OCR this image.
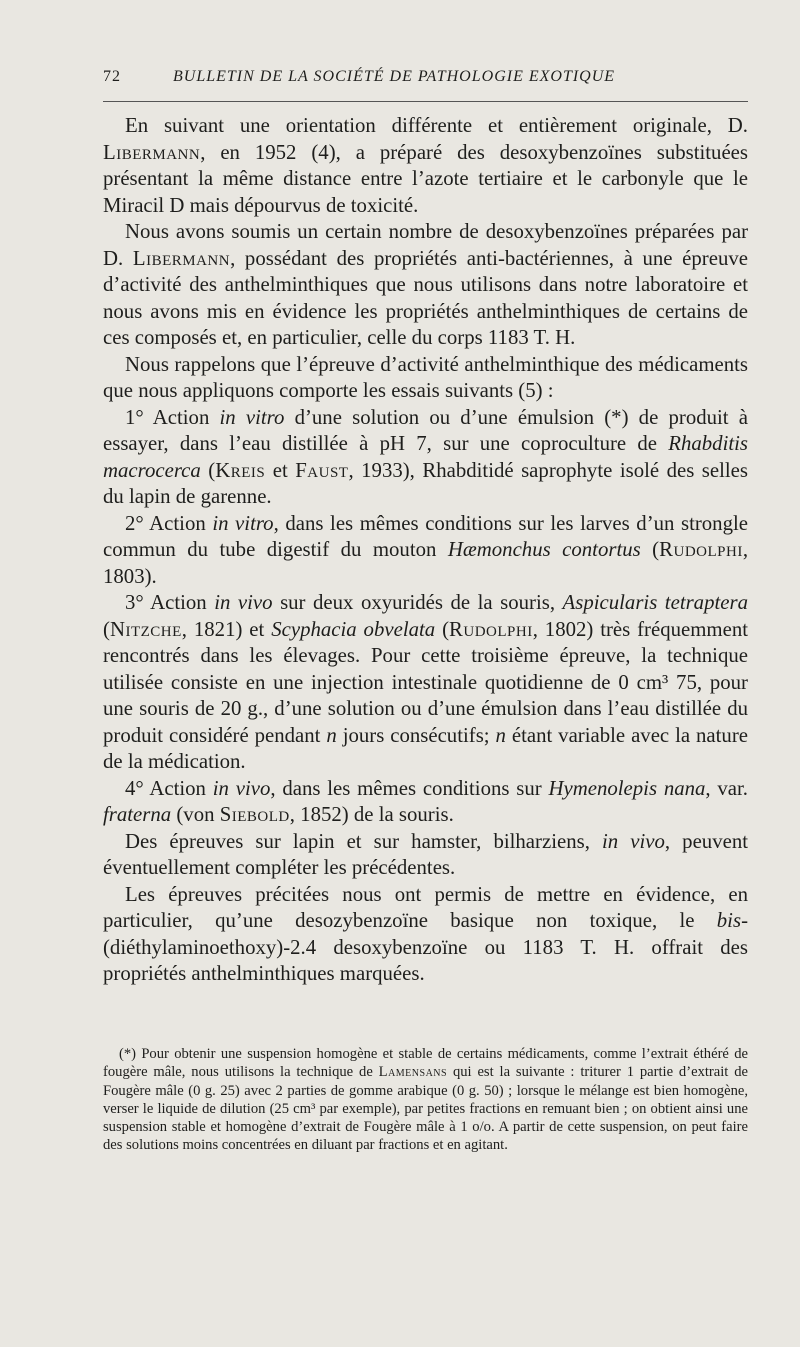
72	BULLETIN DE LA SOCIÉTÉ DE PATHOLOGIE EXOTIQUE

En suivant une orientation différente et entièrement originale, D. Libermann, en 1952 (4), a préparé des desoxybenzoïnes substituées présentant la même distance entre l’azote tertiaire et le carbonyle que le Miracil D mais dépourvus de toxicité.

Nous avons soumis un certain nombre de desoxybenzoïnes préparées par D. Libermann, possédant des propriétés anti-bactériennes, à une épreuve d’activité des anthelminthiques que nous utilisons dans notre laboratoire et nous avons mis en évidence les propriétés anthelminthiques de certains de ces composés et, en particulier, celle du corps 1183 T. H.

Nous rappelons que l’épreuve d’activité anthelminthique des médicaments que nous appliquons comporte les essais suivants (5) :

1° Action in vitro d’une solution ou d’une émulsion (*) de produit à essayer, dans l’eau distillée à pH 7, sur une coproculture de Rhabditis macrocerca (Kreis et Faust, 1933), Rhabditidé saprophyte isolé des selles du lapin de garenne.

2° Action in vitro, dans les mêmes conditions sur les larves d’un strongle commun du tube digestif du mouton Hæmonchus contortus (Rudolphi, 1803).

3° Action in vivo sur deux oxyuridés de la souris, Aspicularis tetraptera (Nitzche, 1821) et Scyphacia obvelata (Rudolphi, 1802) très fréquemment rencontrés dans les élevages. Pour cette troisième épreuve, la technique utilisée consiste en une injection intestinale quotidienne de 0 cm³ 75, pour une souris de 20 g., d’une solution ou d’une émulsion dans l’eau distillée du produit considéré pendant n jours consécutifs; n étant variable avec la nature de la médication.

4° Action in vivo, dans les mêmes conditions sur Hymenolepis nana, var. fraterna (von Siebold, 1852) de la souris.

Des épreuves sur lapin et sur hamster, bilharziens, in vivo, peuvent éventuellement compléter les précédentes.

Les épreuves précitées nous ont permis de mettre en évidence, en particulier, qu’une desozybenzoïne basique non toxique, le bis-(diéthylaminoethoxy)-2.4 desoxybenzoïne ou 1183 T. H. offrait des propriétés anthelminthiques marquées.

(*) Pour obtenir une suspension homogène et stable de certains médicaments, comme l’extrait éthéré de fougère mâle, nous utilisons la technique de Lamensans qui est la suivante : triturer 1 partie d’extrait de Fougère mâle (0 g. 25) avec 2 parties de gomme arabique (0 g. 50) ; lorsque le mélange est bien homogène, verser le liquide de dilution (25 cm³ par exemple), par petites fractions en remuant bien ; on obtient ainsi une suspension stable et homogène d’extrait de Fougère mâle à 1 o/o. A partir de cette suspension, on peut faire des solutions moins concentrées en diluant par fractions et en agitant.
